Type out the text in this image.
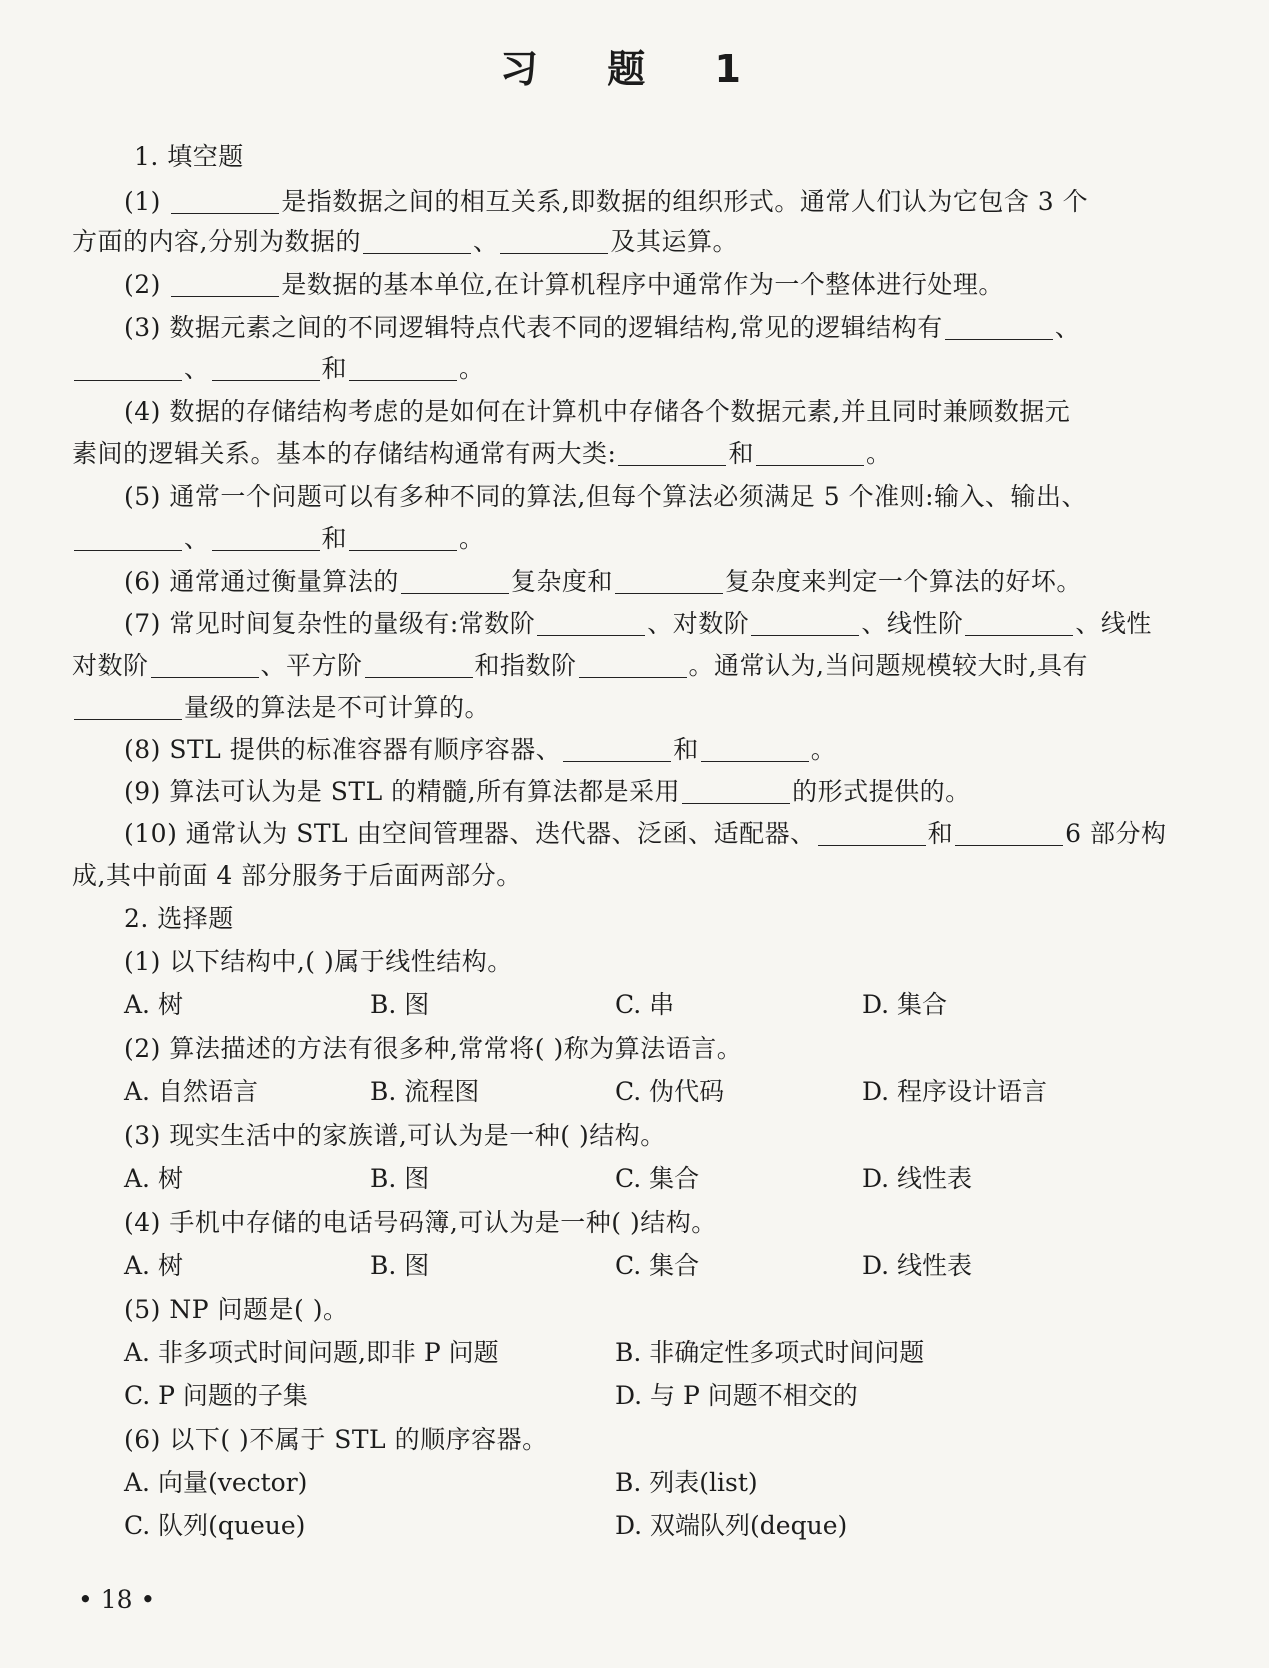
习 题 1
1. 填空题
(1)	是指数据之间的相互关系,即数据的组织形式。通常人们认为它包含 3 个
方面的内容,分别为数据的	、	及其运算。
(2)	是数据的基本单位,在计算机程序中通常作为一个整体进行处理。
(3) 数据元素之间的不同逻辑特点代表不同的逻辑结构,常见的逻辑结构有	、
、	和	。
(4) 数据的存储结构考虑的是如何在计算机中存储各个数据元素,并且同时兼顾数据元
素间的逻辑关系。基本的存储结构通常有两大类:	和	。
(5) 通常一个问题可以有多种不同的算法,但每个算法必须满足 5 个准则:输入、输出、
、	和	。
(6) 通常通过衡量算法的	复杂度和	复杂度来判定一个算法的好坏。
(7) 常见时间复杂性的量级有:常数阶	、对数阶	、线性阶	、线性
对数阶	、平方阶	和指数阶	。通常认为,当问题规模较大时,具有
量级的算法是不可计算的。
(8) STL 提供的标准容器有顺序容器、	和	。
(9) 算法可认为是 STL 的精髓,所有算法都是采用	的形式提供的。
(10) 通常认为 STL 由空间管理器、迭代器、泛函、适配器、	和	6 部分构
成,其中前面 4 部分服务于后面两部分。
2. 选择题
(1) 以下结构中,( )属于线性结构。
A. 树	B. 图	C. 串	D. 集合
(2) 算法描述的方法有很多种,常常将( )称为算法语言。
A. 自然语言	B. 流程图	C. 伪代码	D. 程序设计语言
(3) 现实生活中的家族谱,可认为是一种( )结构。
A. 树	B. 图	C. 集合	D. 线性表
(4) 手机中存储的电话号码簿,可认为是一种( )结构。
A. 树	B. 图	C. 集合	D. 线性表
(5) NP 问题是( )。
A. 非多项式时间问题,即非 P 问题	B. 非确定性多项式时间问题
C. P 问题的子集	D. 与 P 问题不相交的
(6) 以下( )不属于 STL 的顺序容器。
A. 向量(vector)	B. 列表(list)
C. 队列(queue)	D. 双端队列(deque)
• 18 •
